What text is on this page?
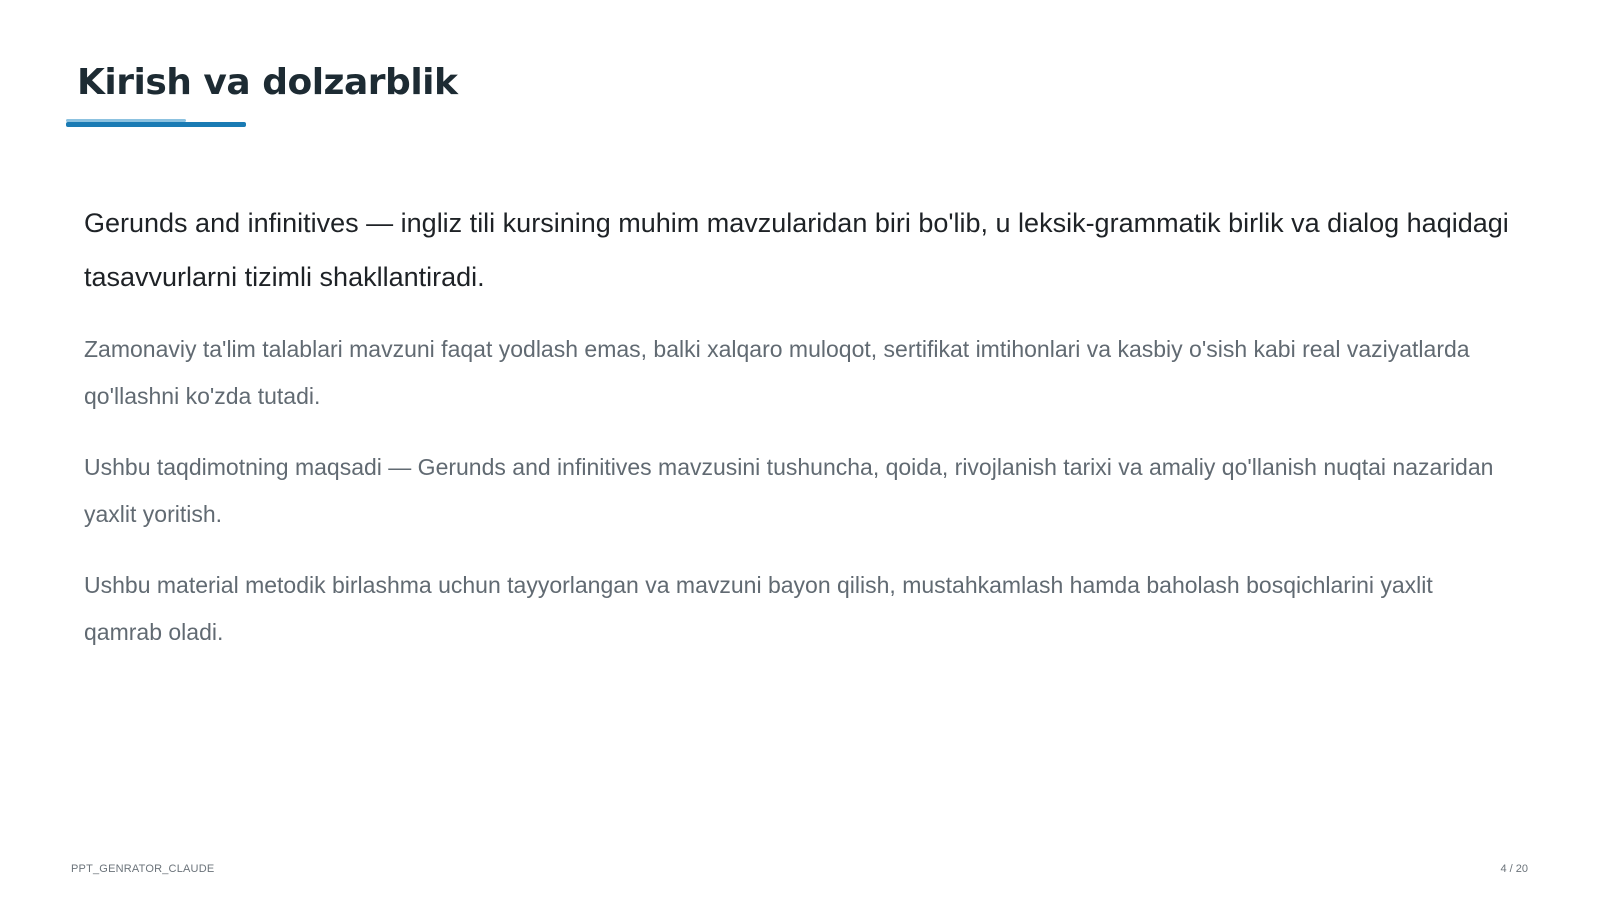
Kirish va dolzarblik

Gerunds and infinitives — ingliz tili kursining muhim mavzularidan biri bo'lib, u leksik-grammatik birlik va dialog haqidagi tasavvurlarni tizimli shakllantiradi.

Zamonaviy ta'lim talablari mavzuni faqat yodlash emas, balki xalqaro muloqot, sertifikat imtihonlari va kasbiy o'sish kabi real vaziyatlarda qo'llashni ko'zda tutadi.

Ushbu taqdimotning maqsadi — Gerunds and infinitives mavzusini tushuncha, qoida, rivojlanish tarixi va amaliy qo'llanish nuqtai nazaridan yaxlit yoritish.

Ushbu material metodik birlashma uchun tayyorlangan va mavzuni bayon qilish, mustahkamlash hamda baholash bosqichlarini yaxlit qamrab oladi.

PPT_GENRATOR_CLAUDE	4 / 20
